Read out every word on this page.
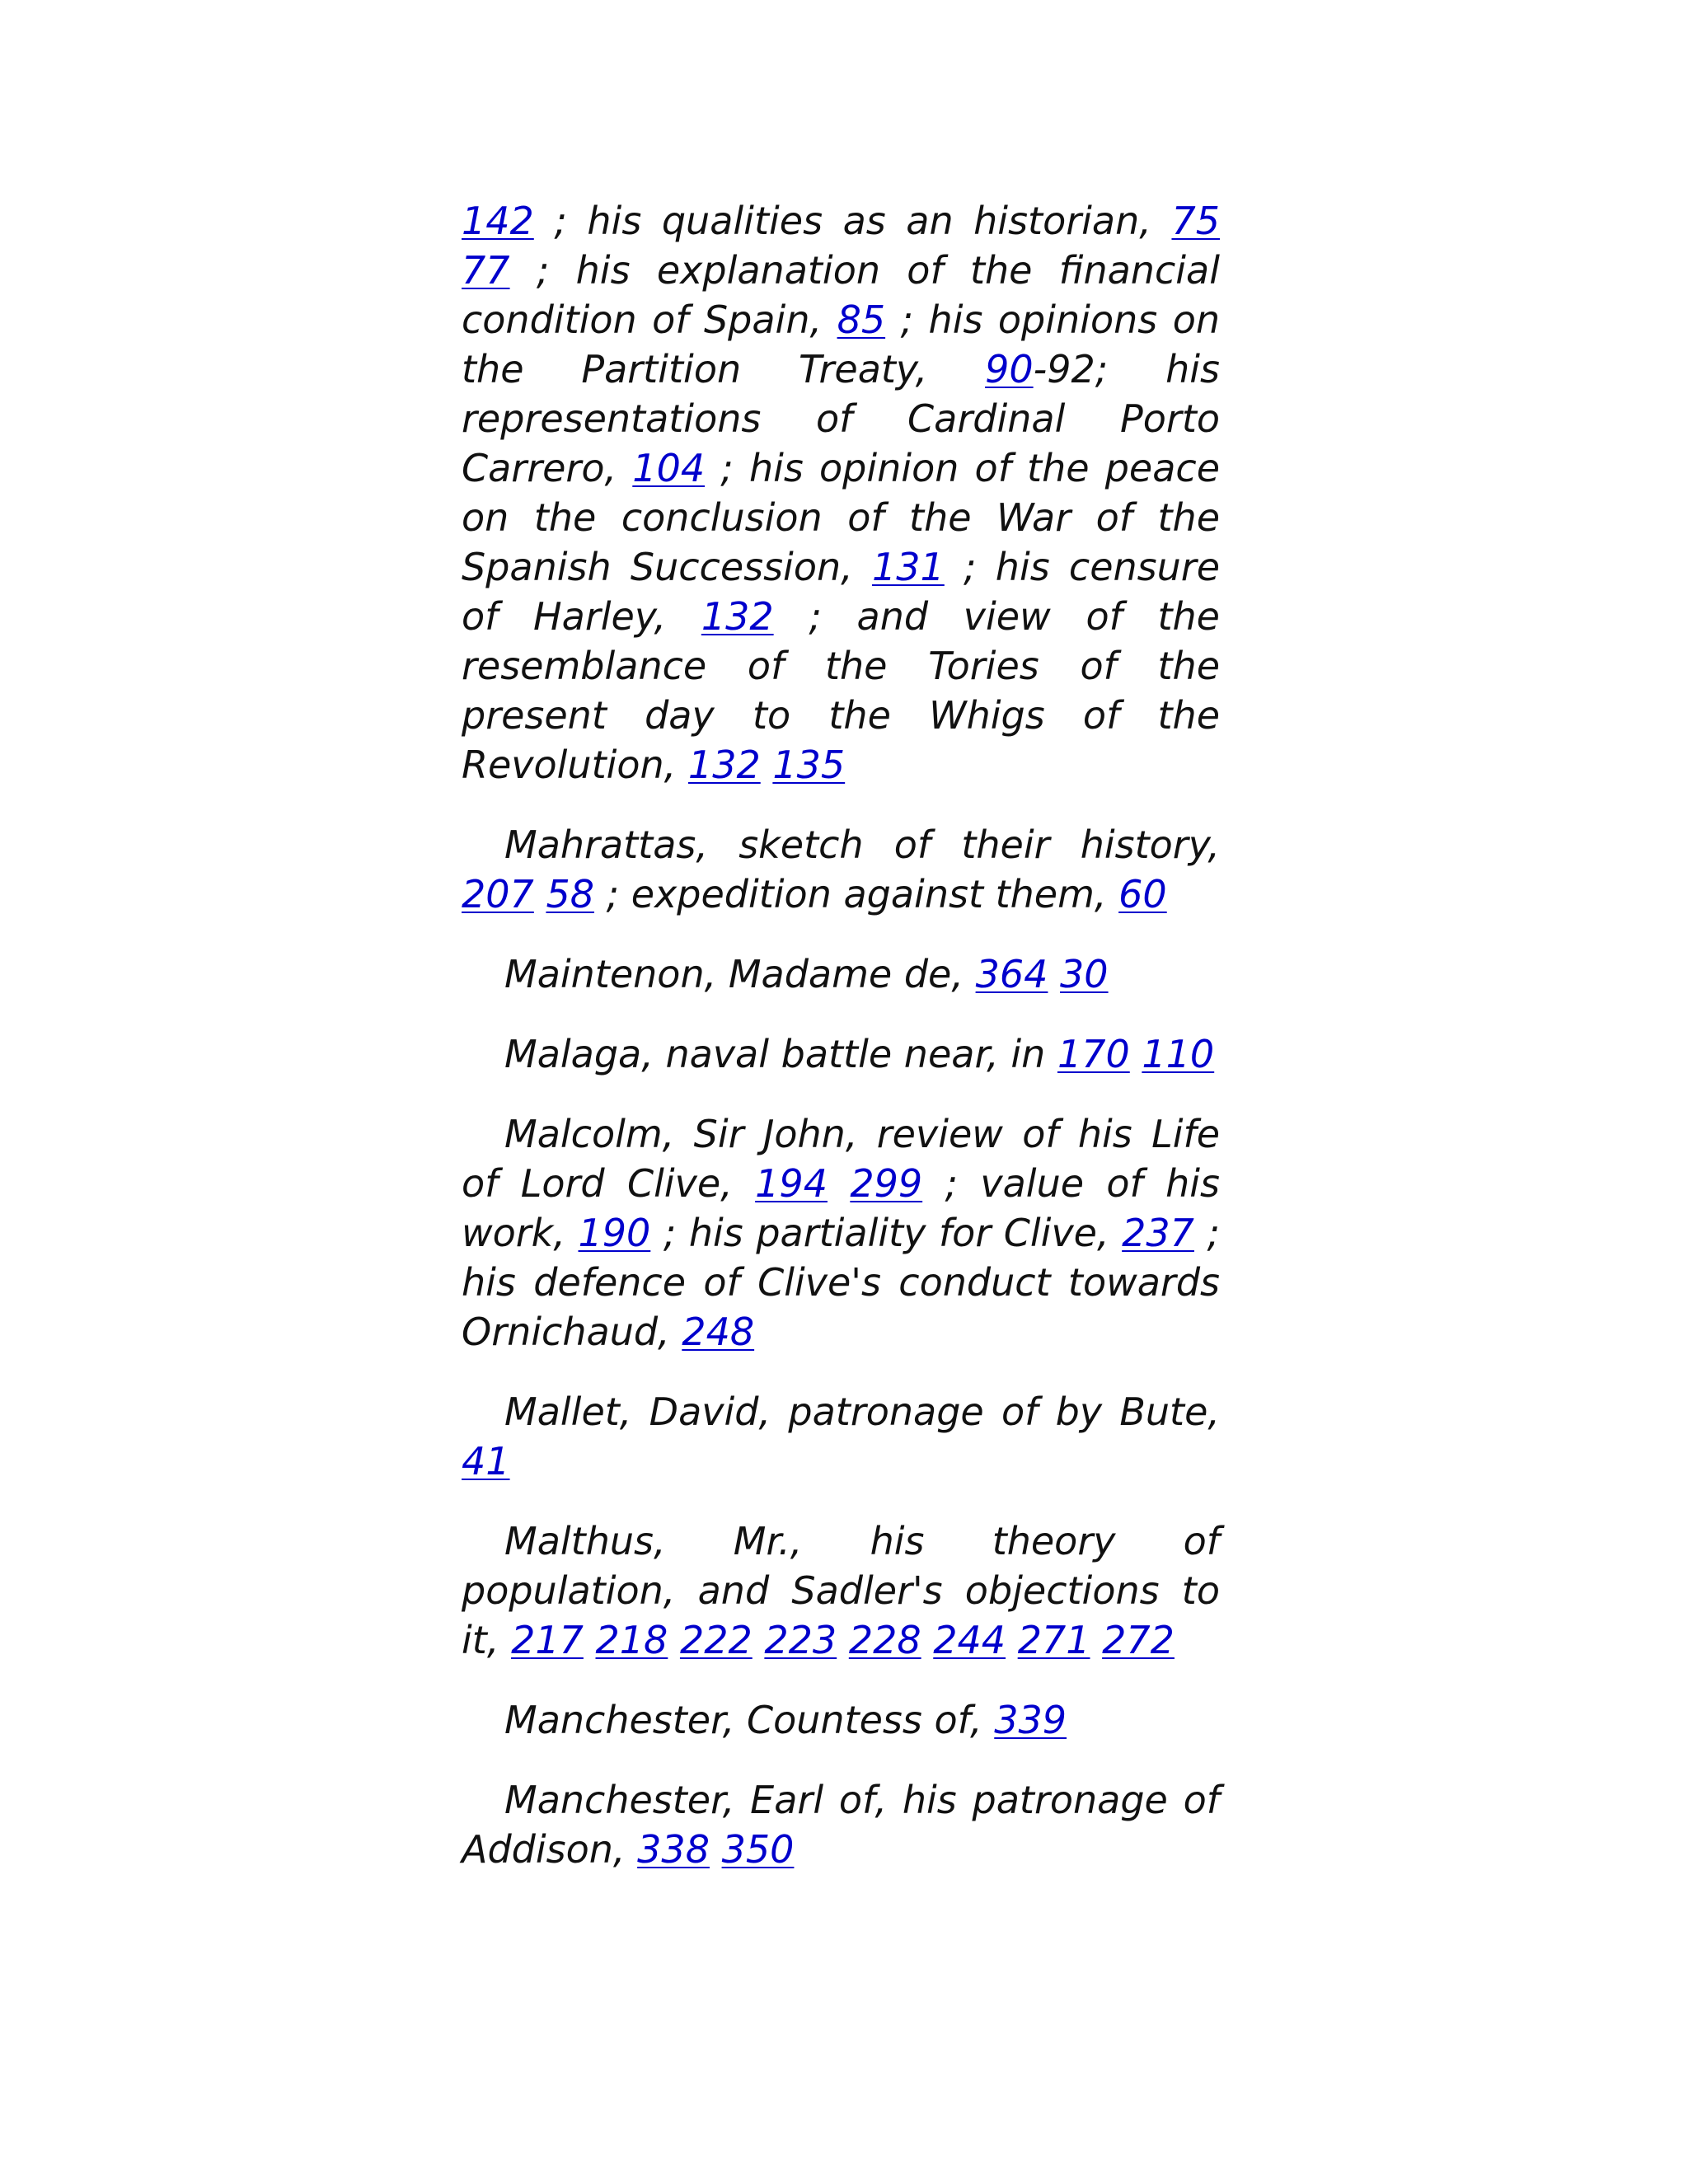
142 ; his qualities as an historian, 75 77 ; his explanation of the financial condition of Spain, 85 ; his opinions on the Partition Treaty, 90-92; his representations of Cardinal Porto Carrero, 104 ; his opinion of the peace on the conclusion of the War of the Spanish Succession, 131 ; his censure of Harley, 132 ; and view of the resemblance of the Tories of the present day to the Whigs of the Revolution, 132 135

Mahrattas, sketch of their history, 207 58 ; expedition against them, 60

Maintenon, Madame de, 364 30

Malaga, naval battle near, in 170 110

Malcolm, Sir John, review of his Life of Lord Clive, 194 299 ; value of his work, 190 ; his partiality for Clive, 237 ; his defence of Clive's conduct towards Ornichaud, 248

Mallet, David, patronage of by Bute, 41

Malthus, Mr., his theory of population, and Sadler's objections to it, 217 218 222 223 228 244 271 272

Manchester, Countess of, 339

Manchester, Earl of, his patronage of Addison, 338 350
